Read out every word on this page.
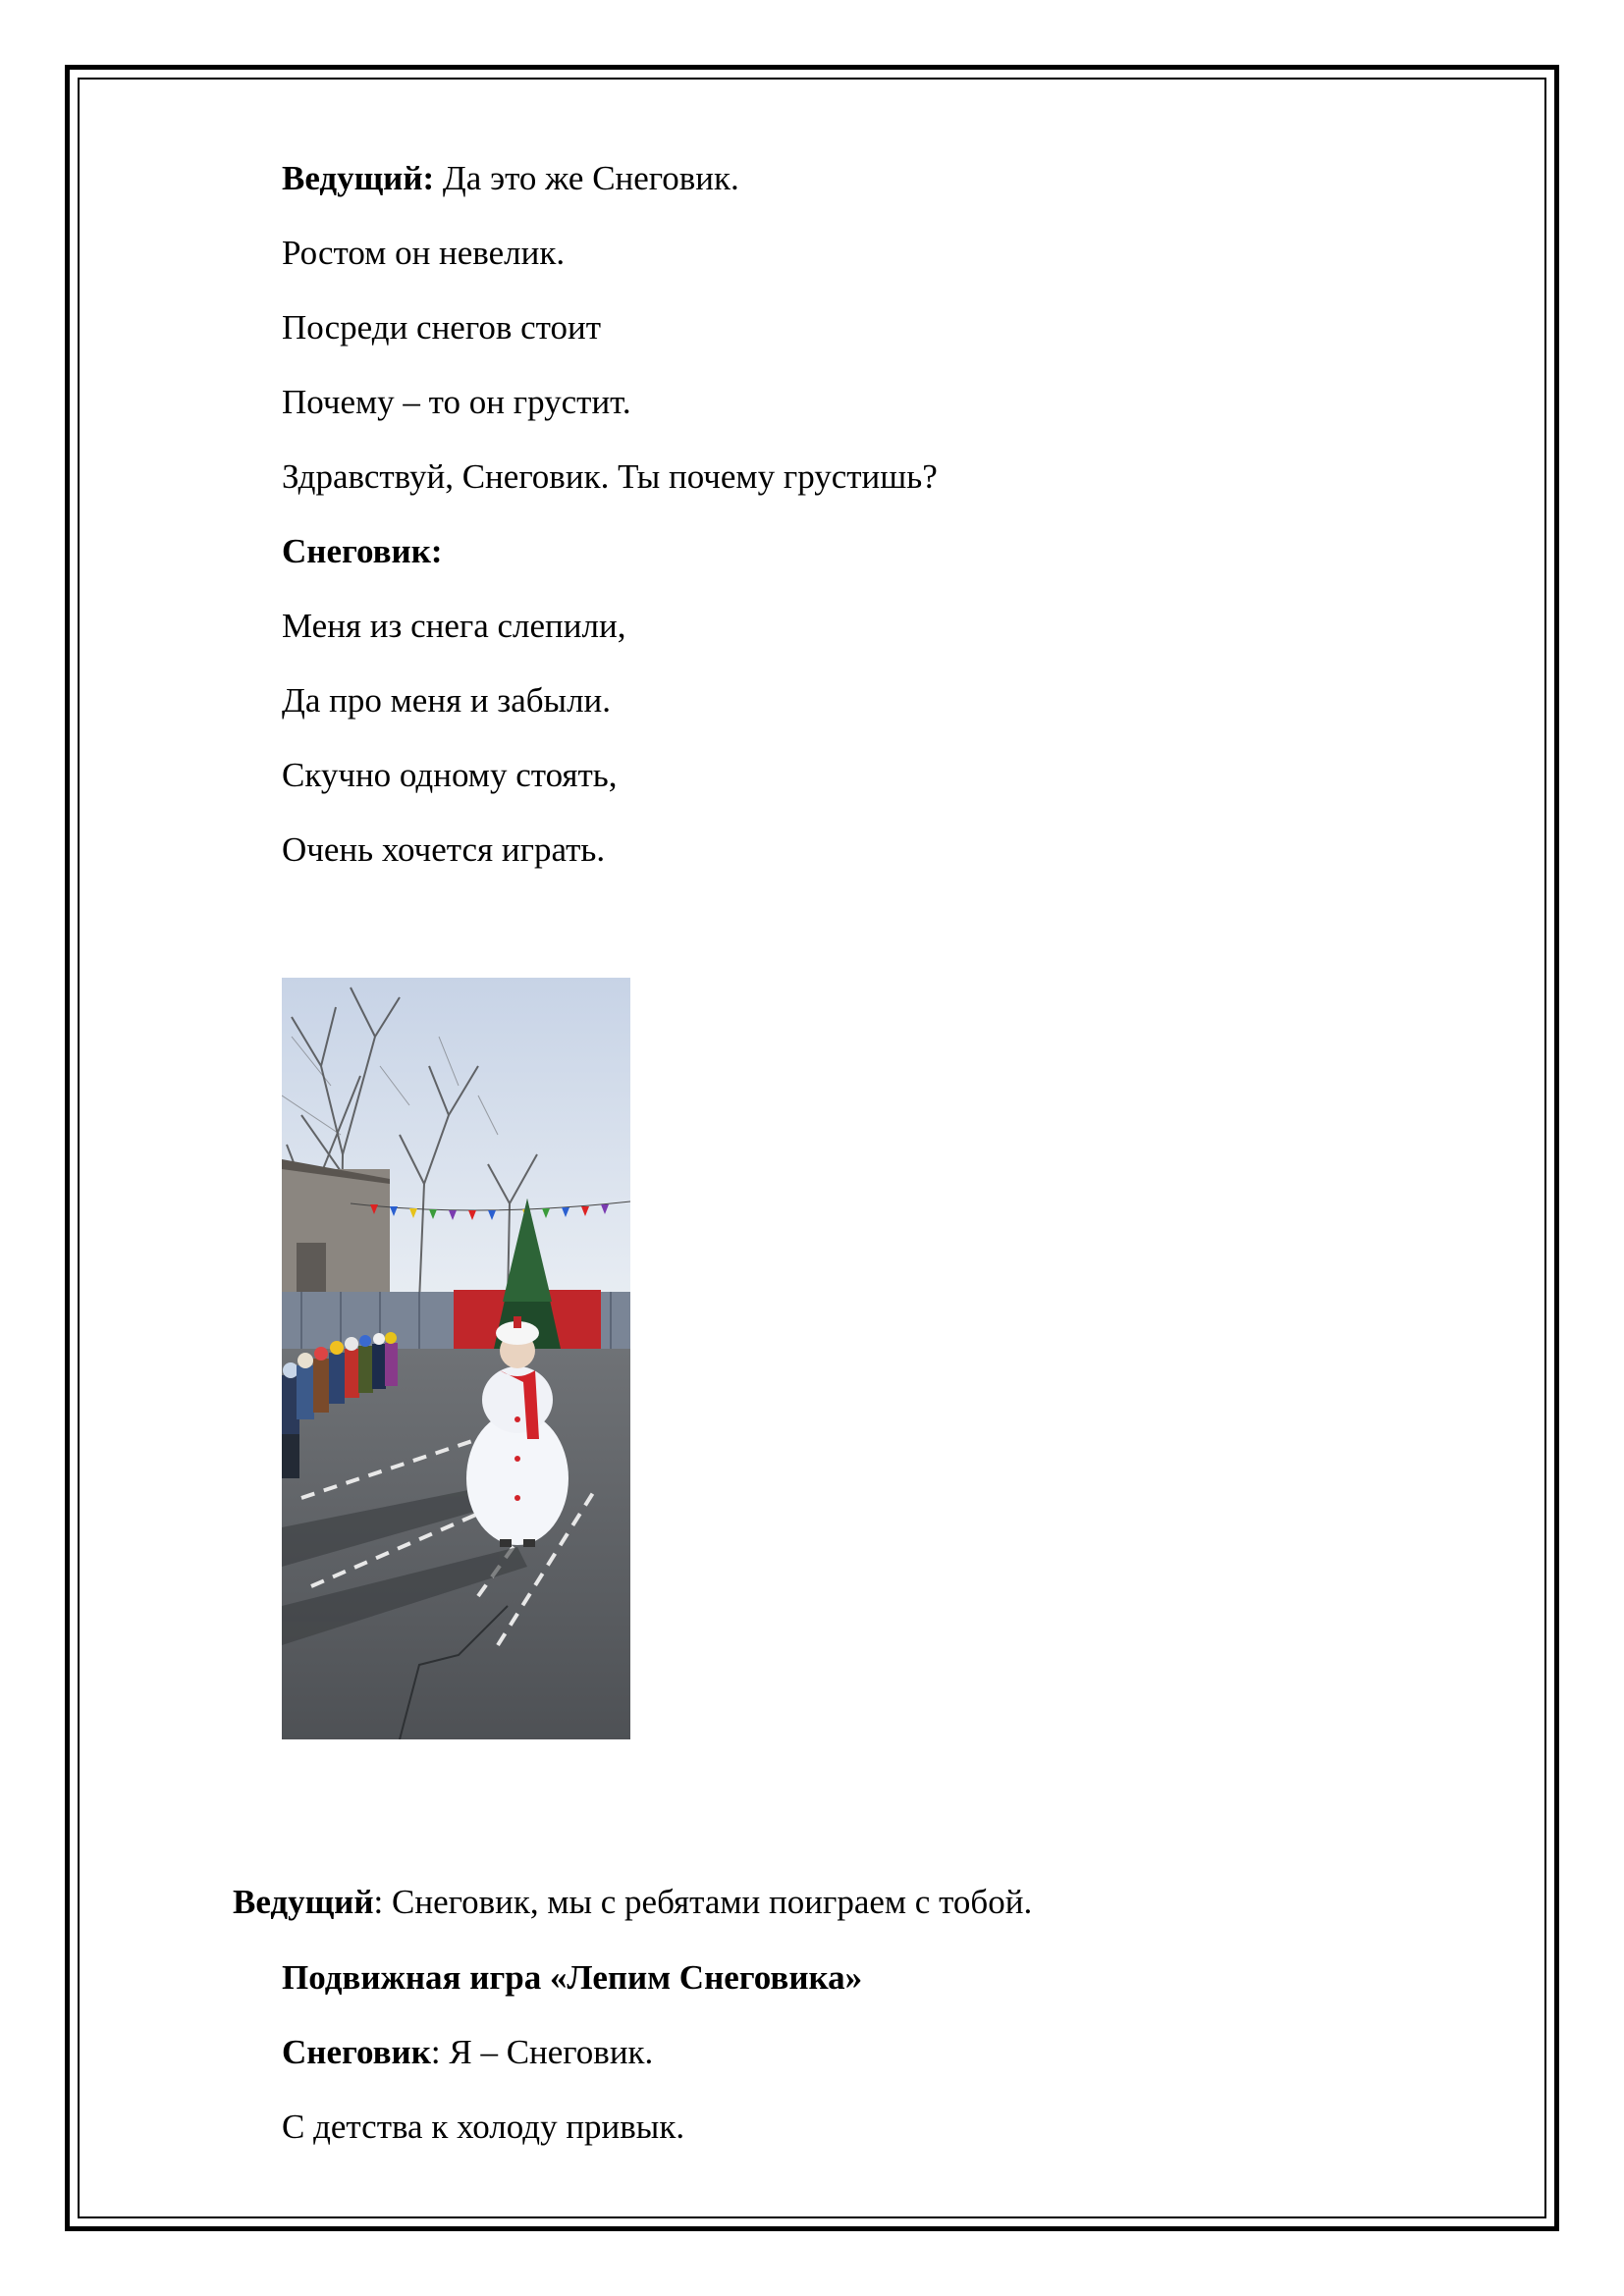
Ведущий: Да это же Снеговик.
Ростом он невелик.
Посреди снегов стоит
Почему – то он грустит.
Здравствуй, Снеговик. Ты почему грустишь?
Снеговик:
Меня из снега слепили,
Да про меня и забыли.
Скучно одному стоять,
Очень хочется играть.
Ведущий: Снеговик, мы с ребятами поиграем с тобой.
Подвижная игра «Лепим Снеговика»
Снеговик: Я – Снеговик.
С детства к холоду привык.
